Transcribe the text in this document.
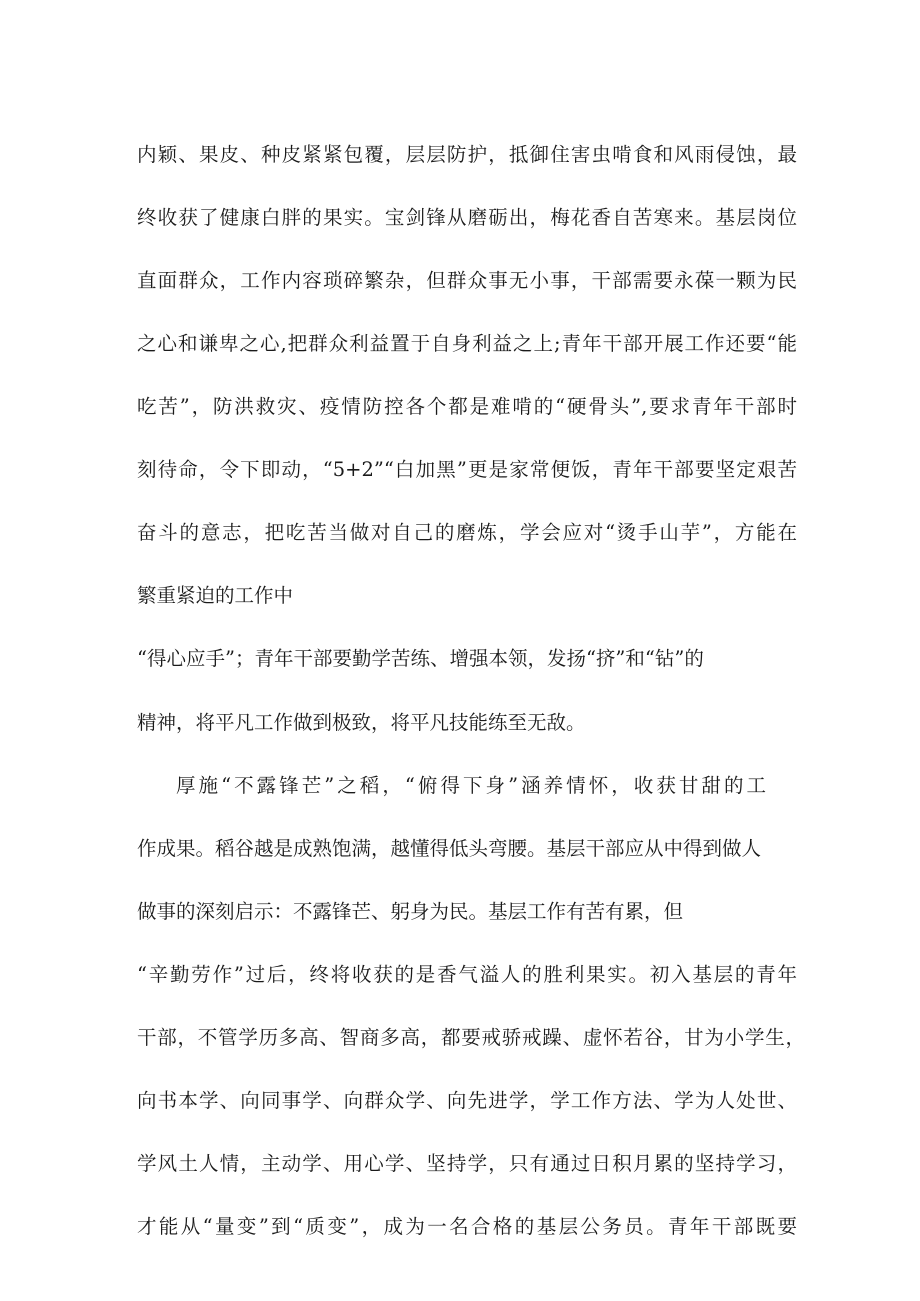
内颖、果皮、种皮紧紧包覆，层层防护，抵御住害虫啃食和风雨侵蚀，最
终收获了健康白胖的果实。宝剑锋从磨砺出，梅花香自苦寒来。基层岗位
直面群众，工作内容琐碎繁杂，但群众事无小事，干部需要永葆一颗为民
之心和谦卑之心,把群众利益置于自身利益之上;青年干部开展工作还要“能
吃苦”，防洪救灾、疫情防控各个都是难啃的“硬骨头”,要求青年干部时
刻待命，令下即动，“5+2”“白加黑”更是家常便饭，青年干部要坚定艰苦
奋斗的意志，把吃苦当做对自己的磨炼，学会应对“烫手山芋”，方能在
繁重紧迫的工作中
“得心应手”；青年干部要勤学苦练、增强本领，发扬“挤”和“钻”的
精神，将平凡工作做到极致，将平凡技能练至无敌。
厚施“不露锋芒”之稻，“俯得下身”涵养情怀，收获甘甜的工
作成果。稻谷越是成熟饱满，越懂得低头弯腰。基层干部应从中得到做人
做事的深刻启示：不露锋芒、躬身为民。基层工作有苦有累，但
“辛勤劳作”过后，终将收获的是香气溢人的胜利果实。初入基层的青年
干部，不管学历多高、智商多高，都要戒骄戒躁、虚怀若谷，甘为小学生，
向书本学、向同事学、向群众学、向先进学，学工作方法、学为人处世、
学风土人情，主动学、用心学、坚持学，只有通过日积月累的坚持学习，
才能从“量变”到“质变”，成为一名合格的基层公务员。青年干部既要
